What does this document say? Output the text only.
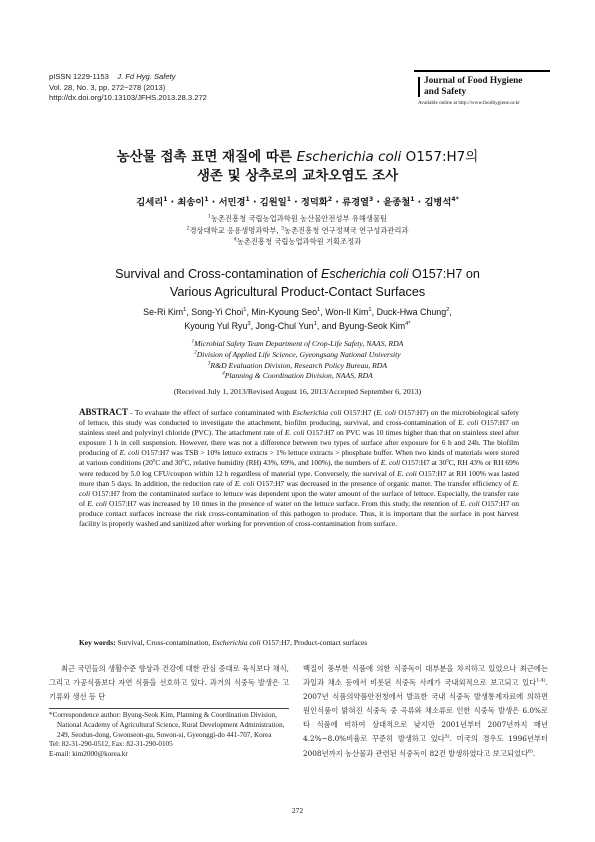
pISSN 1229-1153 J. Fd Hyg. Safety
Vol. 28, No. 3, pp. 272~278 (2013)
http://dx.doi.org/10.13103/JFHS.2013.28.3.272
Journal of Food Hygiene
and Safety
Available online at http://www.foodhygiene.or.kr
농산물 접촉 표면 재질에 따른 Escherichia coli O157:H7의
생존 및 상추로의 교차오염도 조사
김세리$^1$ · 최송이$^1$ · 서민경$^1$ · 김원일$^1$ · 정덕화$^2$ · 류경열$^3$ · 윤종철$^1$ · 김병석$^{4*}$
$^1$농촌진흥청 국립농업과학원 농산물안전성부 유해생물팀
$^2$경상대학교 응용생명과학부, $^3$농촌진흥청 연구정책국 연구성과관리과
$^4$농촌진흥청 국립농업과학원 기획조정과
Survival and Cross-contamination of Escherichia coli O157:H7 on
Various Agricultural Product-Contact Surfaces
Se-Ri Kim$^1$, Song-Yi Choi$^1$, Min-Kyoung Seo$^1$, Won-Il Kim$^1$, Duck-Hwa Chung$^2$,
Kyoung Yul Ryu$^3$, Jong-Chul Yun$^1$, and Byung-Seok Kim$^{4*}$
$^1$Microbial Safety Team Department of Crop-Life Safety, NAAS, RDA
$^2$Division of Applied Life Science, Gyeongsang National University
$^3$R&D Evaluation Division, Research Policy Bureau, RDA
$^4$Planning & Coordination Division, NAAS, RDA
(Received July 1, 2013/Revised August 16, 2013/Accepted September 6, 2013)
ABSTRACT - To evaluate the effect of surface contaminated with Escherichia coli O157:H7 (E. coli O157:H7) on the microbiological safety of lettuce, this study was conducted to investigate the attachment, biofilm producing, survival, and cross-contamination of E. coli O157:H7 on stainless steel and polyvinyl chloride (PVC). The attachment rate of E. coli O157:H7 on PVC was 10 times higher than that on stainless steel after exposure 1 h in cell suspension. However, there was not a difference between two types of surface after exposure for 6 h and 24h. The biofilm producing of E. coli O157:H7 was TSB > 10% lettuce extracts > 1% lettuce extracts > phosphate buffer. When two kinds of materials were stored at various conditions (20$^o$C and 30$^o$C, relative humidity (RH) 43%, 69%, and 100%), the numbers of E. coli O157:H7 at 30$^o$C, RH 43% or RH 69% were reduced by 5.0 log CFU/coupon within 12 h regardless of material type. Conversely, the survival of E. coli O157:H7 at RH 100% was lasted more than 5 days. In addition, the reduction rate of E. coli O157:H7 was decreased in the presence of organic matter. The transfer efficiency of E. coli O157:H7 from the contaminated surface to lettuce was dependent upon the water amount of the surface of lettuce. Especially, the transfer rate of E. coli O157:H7 was increased by 10 times in the presence of water on the lettuce surface. From this study, the retention of E. coli O157:H7 on produce contact surfaces increase the risk cross-contamination of this pathogen to produce. Thus, it is important that the surface in post harvest facility is properly washed and sanitized after working for prevention of cross-contamination from surface.
Key words: Survival, Cross-contamination, Escherichia coli O157:H7, Product-contact surfaces
최근 국민들의 생활수준 향상과 건강에 대한 관심 증대로 육식보다 채식, 그리고 가공식품보다 자연 식품을 선호하고 있다. 과거의 식중독 발생은 고기류와 생선 등 단
*Correspondence author: Byung-Seok Kim, Planning & Coordination Division, National Academy of Agricultural Science, Rural Development Administration, 249, Seodun-dong, Gwonseon-gu, Suwon-si, Gyeonggi-do 441-707, Korea
Tel: 82-31-290-0512, Fax: 82-31-290-0105
E-mail: kim2000@korea.kr
백질이 풍부한 식품에 의한 식중독이 대부분을 차지하고 있었으나 최근에는 과일과 채소 등에서 비롯된 식중독 사례가 국내외적으로 보고되고 있다$^{1-4)}$. 2007년 식품의약품안전청에서 발표한 국내 식중독 발생통계자료에 의하면 원인식품이 밝혀진 식중독 중 곡류와 채소류로 인한 식중독 발생은 6.0%로 타 식품에 비하여 상대적으로 낮지만 2001년부터 2007년까지 매년 4.2%~8.0%비율로 꾸준히 발생하고 있다$^{5)}$. 미국의 경우도 1996년부터 2008년까지 농산물과 관련된 식중독이 82건 발생하였다고 보고되었다$^{6)}$.
272
